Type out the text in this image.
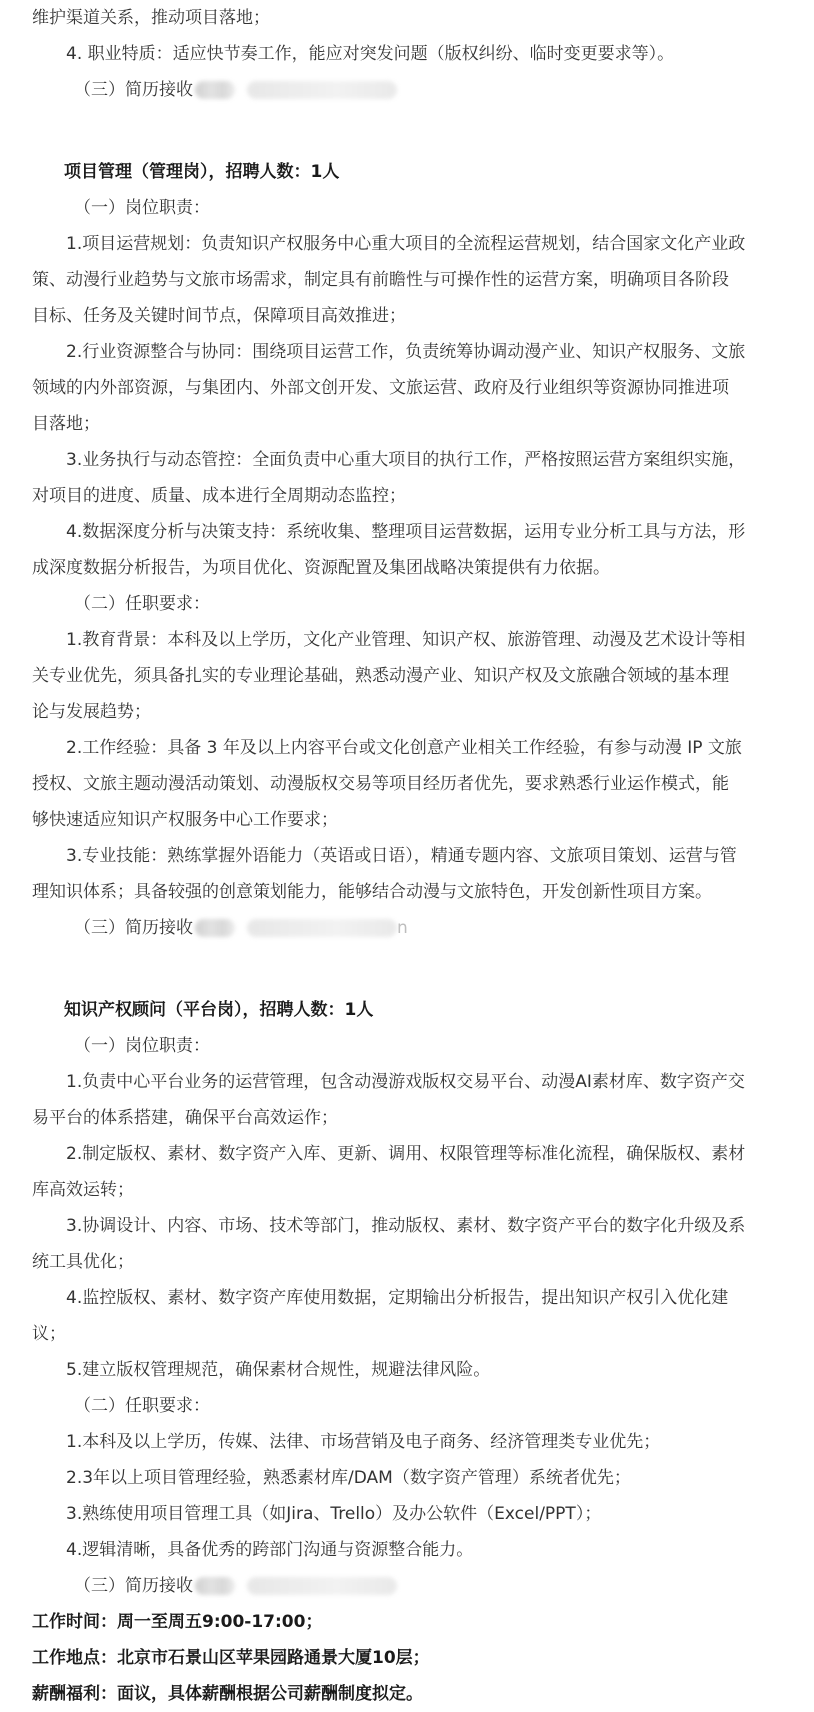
维护渠道关系，推动项目落地；
4. 职业特质：适应快节奏工作，能应对突发问题（版权纠纷、临时变更要求等）。
（三）简历接收
项目管理（管理岗），招聘人数：1人
（一）岗位职责：
1.项目运营规划：负责知识产权服务中心重大项目的全流程运营规划，结合国家文化产业政
策、动漫行业趋势与文旅市场需求，制定具有前瞻性与可操作性的运营方案，明确项目各阶段
目标、任务及关键时间节点，保障项目高效推进；
2.行业资源整合与协同：围绕项目运营工作，负责统筹协调动漫产业、知识产权服务、文旅
领域的内外部资源，与集团内、外部文创开发、文旅运营、政府及行业组织等资源协同推进项
目落地；
3.业务执行与动态管控：全面负责中心重大项目的执行工作，严格按照运营方案组织实施，
对项目的进度、质量、成本进行全周期动态监控；
4.数据深度分析与决策支持：系统收集、整理项目运营数据，运用专业分析工具与方法，形
成深度数据分析报告，为项目优化、资源配置及集团战略决策提供有力依据。
（二）任职要求：
1.教育背景：本科及以上学历，文化产业管理、知识产权、旅游管理、动漫及艺术设计等相
关专业优先，须具备扎实的专业理论基础，熟悉动漫产业、知识产权及文旅融合领域的基本理
论与发展趋势；
2.工作经验：具备 3 年及以上内容平台或文化创意产业相关工作经验，有参与动漫 IP 文旅
授权、文旅主题动漫活动策划、动漫版权交易等项目经历者优先，要求熟悉行业运作模式，能
够快速适应知识产权服务中心工作要求；
3.专业技能：熟练掌握外语能力（英语或日语），精通专题内容、文旅项目策划、运营与管
理知识体系；具备较强的创意策划能力，能够结合动漫与文旅特色，开发创新性项目方案。
（三）简历接收	n
知识产权顾问（平台岗），招聘人数：1人
（一）岗位职责：
1.负责中心平台业务的运营管理，包含动漫游戏版权交易平台、动漫AI素材库、数字资产交
易平台的体系搭建，确保平台高效运作；
2.制定版权、素材、数字资产入库、更新、调用、权限管理等标准化流程，确保版权、素材
库高效运转；
3.协调设计、内容、市场、技术等部门，推动版权、素材、数字资产平台的数字化升级及系
统工具优化；
4.监控版权、素材、数字资产库使用数据，定期输出分析报告，提出知识产权引入优化建
议；
5.建立版权管理规范，确保素材合规性，规避法律风险。
（二）任职要求：
1.本科及以上学历，传媒、法律、市场营销及电子商务、经济管理类专业优先；
2.3年以上项目管理经验，熟悉素材库/DAM（数字资产管理）系统者优先；
3.熟练使用项目管理工具（如Jira、Trello）及办公软件（Excel/PPT）；
4.逻辑清晰，具备优秀的跨部门沟通与资源整合能力。
（三）简历接收
工作时间：周一至周五9:00-17:00；
工作地点：北京市石景山区苹果园路通景大厦10层；
薪酬福利：面议，具体薪酬根据公司薪酬制度拟定。
